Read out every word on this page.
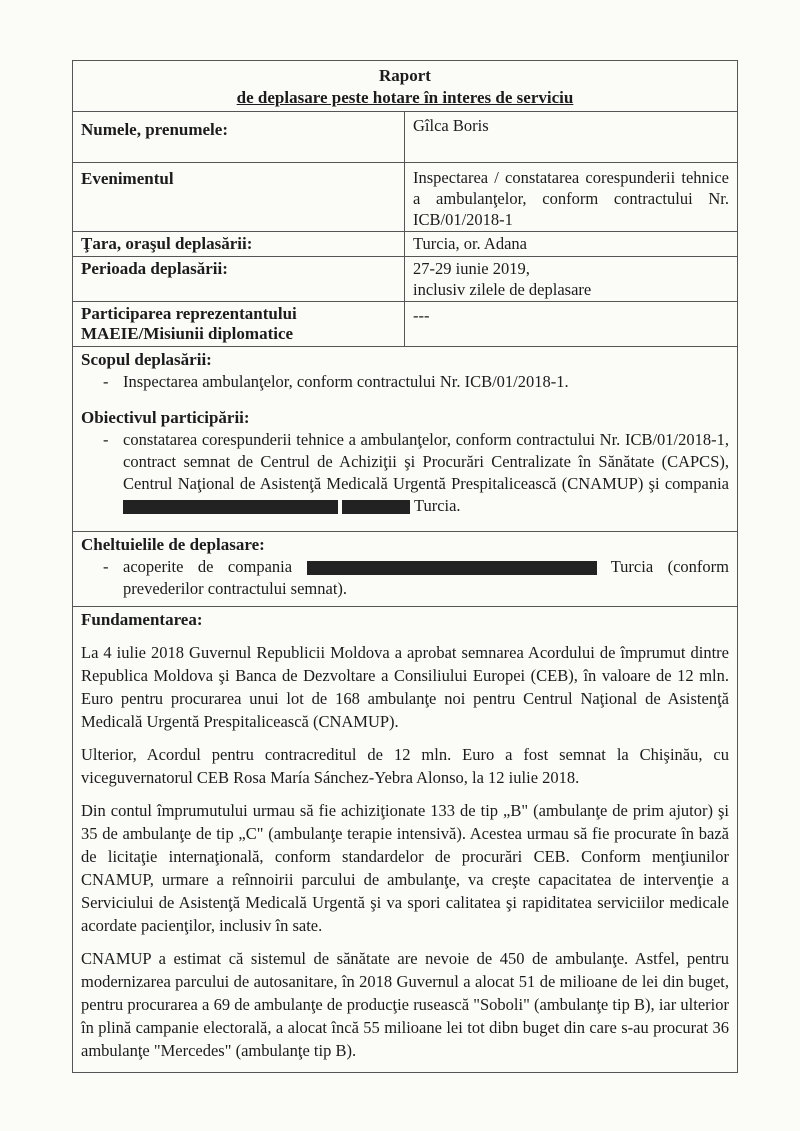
Raport
de deplasare peste hotare în interes de serviciu
Numele, prenumele:	Gîlca Boris
Evenimentul	Inspectarea / constatarea corespunderii tehnice a ambulanţelor, conform contractului Nr. ICB/01/2018-1
Ţara, oraşul deplasării:	Turcia, or. Adana
Perioada deplasării:	27-29 iunie 2019,
inclusiv zilele de deplasare
Participarea reprezentantului
MAEIE/Misiunii diplomatice
---
Scopul deplasării:
- Inspectarea ambulanţelor, conform contractului Nr. ICB/01/2018-1.
Obiectivul participării:
- constatarea corespunderii tehnice a ambulanţelor, conform contractului Nr. ICB/01/2018-1, contract semnat de Centrul de Achiziţii şi Procurări Centralizate în Sănătate (CAPCS), Centrul Naţional de Asistenţă Medicală Urgentă Prespitalicească (CNAMUP) şi compania   Turcia.
Cheltuielile de deplasare:
- acoperite de compania	Turcia (conform prevederilor contractului semnat).
Fundamentarea:

La 4 iulie 2018 Guvernul Republicii Moldova a aprobat semnarea Acordului de împrumut dintre Republica Moldova şi Banca de Dezvoltare a Consiliului Europei (CEB), în valoare de 12 mln. Euro pentru procurarea unui lot de 168 ambulanţe noi pentru Centrul Naţional de Asistenţă Medicală Urgentă Prespitalicească (CNAMUP).

Ulterior, Acordul pentru contracreditul de 12 mln. Euro a fost semnat la Chişinău, cu viceguvernatorul CEB Rosa María Sánchez-Yebra Alonso, la 12 iulie 2018.

Din contul împrumutului urmau să fie achiziţionate 133 de tip „B" (ambulanţe de prim ajutor) şi 35 de ambulanţe de tip „C" (ambulanţe terapie intensivă). Acestea urmau să fie procurate în bază de licitaţie internaţională, conform standardelor de procurări CEB. Conform menţiunilor CNAMUP, urmare a reînnoirii parcului de ambulanţe, va creşte capacitatea de intervenţie a Serviciului de Asistenţă Medicală Urgentă şi va spori calitatea şi rapiditatea serviciilor medicale acordate pacienţilor, inclusiv în sate.

CNAMUP a estimat că sistemul de sănătate are nevoie de 450 de ambulanţe. Astfel, pentru modernizarea parcului de autosanitare, în 2018 Guvernul a alocat 51 de milioane de lei din buget, pentru procurarea a 69 de ambulanţe de producţie rusească "Soboli" (ambulanţe tip B), iar ulterior în plină campanie electorală, a alocat încă 55 milioane lei tot dibn buget din care s-au procurat 36 ambulanţe "Mercedes" (ambulanţe tip B).
